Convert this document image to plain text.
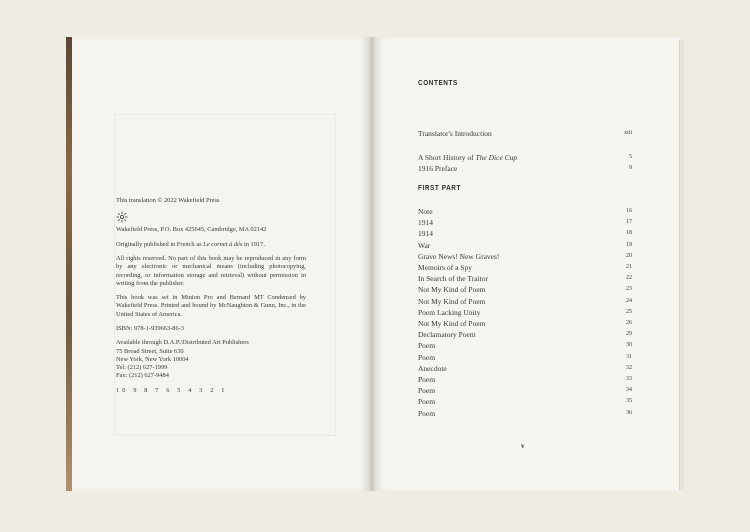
This translation © 2022 Wakefield Press

Wakefield Press, P.O. Box 425645, Cambridge, MA 02142

Originally published in French as Le cornet à dés in 1917.

All rights reserved. No part of this book may be reproduced in any form by any electronic or mechanical means (including photocopying, recording, or information storage and retrieval) without permission in writing from the publisher.

This book was set in Minion Pro and Bernard MT Condensed by Wakefield Press. Printed and bound by McNaughton & Gunn, Inc., in the United States of America.

ISBN: 978-1-939663-86-3

Available through D.A.P./Distributed Art Publishers
75 Broad Street, Suite 630
New York, New York 10004
Tel: (212) 627-1999
Fax: (212) 627-9484

10 9 8 7 6 5 4 3 2 1

CONTENTS
Translator's Introduction	xiii
A Short History of The Dice Cup	5
1916 Preface	9
FIRST PART
Note	16
1914	17
1914	18
War	19
Grave News! New Graves!	20
Memoirs of a Spy	21
In Search of the Traitor	22
Not My Kind of Poem	23
Not My Kind of Poem	24
Poem Lacking Unity	25
Not My Kind of Poem	26
Declamatory Poem	29
Poem	30
Poem	31
Anecdote	32
Poem	33
Poem	34
Poem	35
Poem	36
v
